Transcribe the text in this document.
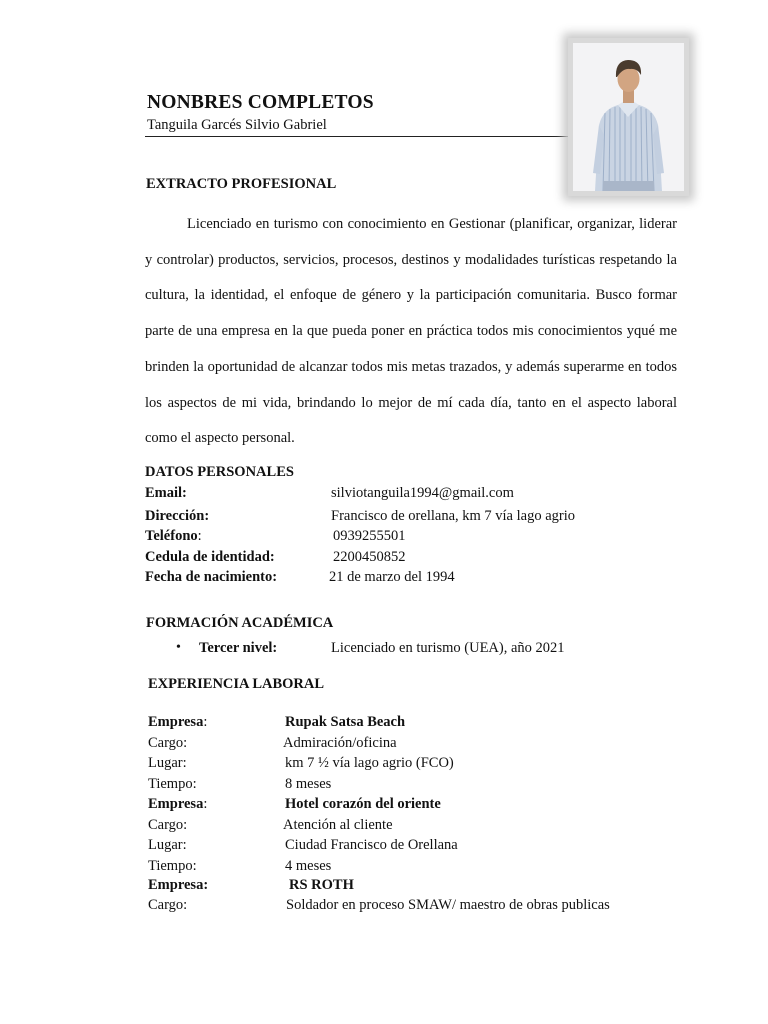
NONBRES COMPLETOS
Tanguila Garcés Silvio Gabriel
EXTRACTO PROFESIONAL
Licenciado en turismo con conocimiento en Gestionar (planificar, organizar, liderar y controlar) productos, servicios, procesos, destinos y modalidades turísticas respetando la cultura, la identidad, el enfoque de género y la participación comunitaria. Busco formar parte de una empresa en la que pueda poner en práctica todos mis conocimientos yqué me brinden la oportunidad de alcanzar todos mis metas trazados, y además superarme en todos los aspectos de mi vida, brindando lo mejor de mí cada día, tanto en el aspecto laboral como el aspecto personal.
DATOS PERSONALES
Email:	silviotanguila1994@gmail.com
Dirección:	Francisco de orellana, km 7 vía lago agrio
Teléfono:	0939255501
Cedula de identidad:	2200450852
Fecha de nacimiento:	21 de marzo del 1994
FORMACIÓN ACADÉMICA
• Tercer nivel:	Licenciado en turismo (UEA), año 2021
EXPERIENCIA LABORAL
Empresa:	Rupak Satsa Beach
Cargo:	Admiración/oficina
Lugar:	km 7 ½ vía lago agrio (FCO)
Tiempo:	8 meses
Empresa:	Hotel corazón del oriente
Cargo:	Atención al cliente
Lugar:	Ciudad Francisco de Orellana
Tiempo:	4 meses
Empresa:	RS ROTH
Cargo:	Soldador en proceso SMAW/ maestro de obras publicas
